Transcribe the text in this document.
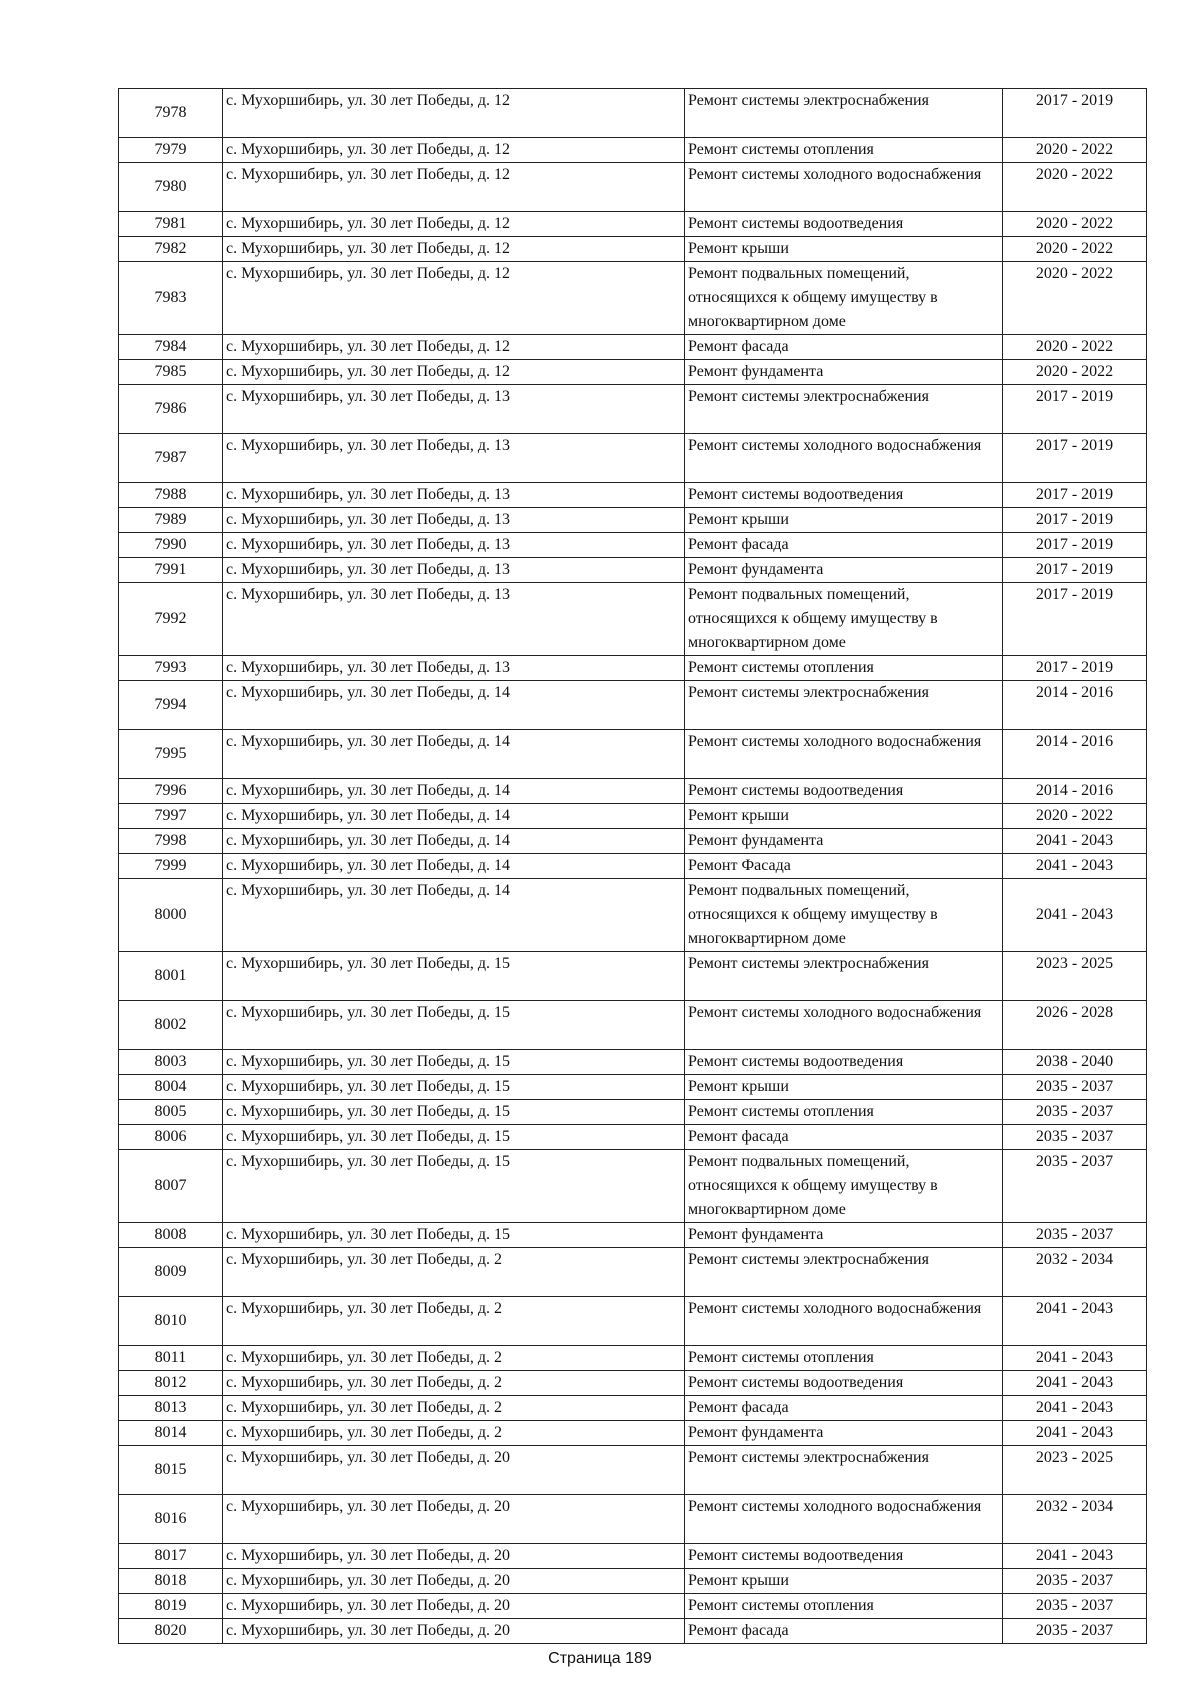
7978	с. Мухоршибирь, ул. 30 лет Победы, д. 12	Ремонт системы электроснабжения	2017 - 2019
7979	с. Мухоршибирь, ул. 30 лет Победы, д. 12	Ремонт системы отопления	2020 - 2022
7980	с. Мухоршибирь, ул. 30 лет Победы, д. 12	Ремонт системы холодного водоснабжения	2020 - 2022
7981	с. Мухоршибирь, ул. 30 лет Победы, д. 12	Ремонт системы водоотведения	2020 - 2022
7982	с. Мухоршибирь, ул. 30 лет Победы, д. 12	Ремонт крыши	2020 - 2022
7983	с. Мухоршибирь, ул. 30 лет Победы, д. 12	Ремонт подвальных помещений, относящихся к общему имуществу в многоквартирном доме	2020 - 2022
7984	с. Мухоршибирь, ул. 30 лет Победы, д. 12	Ремонт фасада	2020 - 2022
7985	с. Мухоршибирь, ул. 30 лет Победы, д. 12	Ремонт фундамента	2020 - 2022
7986	с. Мухоршибирь, ул. 30 лет Победы, д. 13	Ремонт системы электроснабжения	2017 - 2019
7987	с. Мухоршибирь, ул. 30 лет Победы, д. 13	Ремонт системы холодного водоснабжения	2017 - 2019
7988	с. Мухоршибирь, ул. 30 лет Победы, д. 13	Ремонт системы водоотведения	2017 - 2019
7989	с. Мухоршибирь, ул. 30 лет Победы, д. 13	Ремонт крыши	2017 - 2019
7990	с. Мухоршибирь, ул. 30 лет Победы, д. 13	Ремонт фасада	2017 - 2019
7991	с. Мухоршибирь, ул. 30 лет Победы, д. 13	Ремонт фундамента	2017 - 2019
7992	с. Мухоршибирь, ул. 30 лет Победы, д. 13	Ремонт подвальных помещений, относящихся к общему имуществу в многоквартирном доме	2017 - 2019
7993	с. Мухоршибирь, ул. 30 лет Победы, д. 13	Ремонт системы отопления	2017 - 2019
7994	с. Мухоршибирь, ул. 30 лет Победы, д. 14	Ремонт системы электроснабжения	2014 - 2016
7995	с. Мухоршибирь, ул. 30 лет Победы, д. 14	Ремонт системы холодного водоснабжения	2014 - 2016
7996	с. Мухоршибирь, ул. 30 лет Победы, д. 14	Ремонт системы водоотведения	2014 - 2016
7997	с. Мухоршибирь, ул. 30 лет Победы, д. 14	Ремонт крыши	2020 - 2022
7998	с. Мухоршибирь, ул. 30 лет Победы, д. 14	Ремонт фундамента	2041 - 2043
7999	с. Мухоршибирь, ул. 30 лет Победы, д. 14	Ремонт Фасада	2041 - 2043
8000	с. Мухоршибирь, ул. 30 лет Победы, д. 14	Ремонт подвальных помещений, относящихся к общему имуществу в многоквартирном доме	2041 - 2043
8001	с. Мухоршибирь, ул. 30 лет Победы, д. 15	Ремонт системы электроснабжения	2023 - 2025
8002	с. Мухоршибирь, ул. 30 лет Победы, д. 15	Ремонт системы холодного водоснабжения	2026 - 2028
8003	с. Мухоршибирь, ул. 30 лет Победы, д. 15	Ремонт системы водоотведения	2038 - 2040
8004	с. Мухоршибирь, ул. 30 лет Победы, д. 15	Ремонт крыши	2035 - 2037
8005	с. Мухоршибирь, ул. 30 лет Победы, д. 15	Ремонт системы отопления	2035 - 2037
8006	с. Мухоршибирь, ул. 30 лет Победы, д. 15	Ремонт фасада	2035 - 2037
8007	с. Мухоршибирь, ул. 30 лет Победы, д. 15	Ремонт подвальных помещений, относящихся к общему имуществу в многоквартирном доме	2035 - 2037
8008	с. Мухоршибирь, ул. 30 лет Победы, д. 15	Ремонт фундамента	2035 - 2037
8009	с. Мухоршибирь, ул. 30 лет Победы, д. 2	Ремонт системы электроснабжения	2032 - 2034
8010	с. Мухоршибирь, ул. 30 лет Победы, д. 2	Ремонт системы холодного водоснабжения	2041 - 2043
8011	с. Мухоршибирь, ул. 30 лет Победы, д. 2	Ремонт системы отопления	2041 - 2043
8012	с. Мухоршибирь, ул. 30 лет Победы, д. 2	Ремонт системы водоотведения	2041 - 2043
8013	с. Мухоршибирь, ул. 30 лет Победы, д. 2	Ремонт фасада	2041 - 2043
8014	с. Мухоршибирь, ул. 30 лет Победы, д. 2	Ремонт фундамента	2041 - 2043
8015	с. Мухоршибирь, ул. 30 лет Победы, д. 20	Ремонт системы электроснабжения	2023 - 2025
8016	с. Мухоршибирь, ул. 30 лет Победы, д. 20	Ремонт системы холодного водоснабжения	2032 - 2034
8017	с. Мухоршибирь, ул. 30 лет Победы, д. 20	Ремонт системы водоотведения	2041 - 2043
8018	с. Мухоршибирь, ул. 30 лет Победы, д. 20	Ремонт крыши	2035 - 2037
8019	с. Мухоршибирь, ул. 30 лет Победы, д. 20	Ремонт системы отопления	2035 - 2037
8020	с. Мухоршибирь, ул. 30 лет Победы, д. 20	Ремонт фасада	2035 - 2037
Страница 189
